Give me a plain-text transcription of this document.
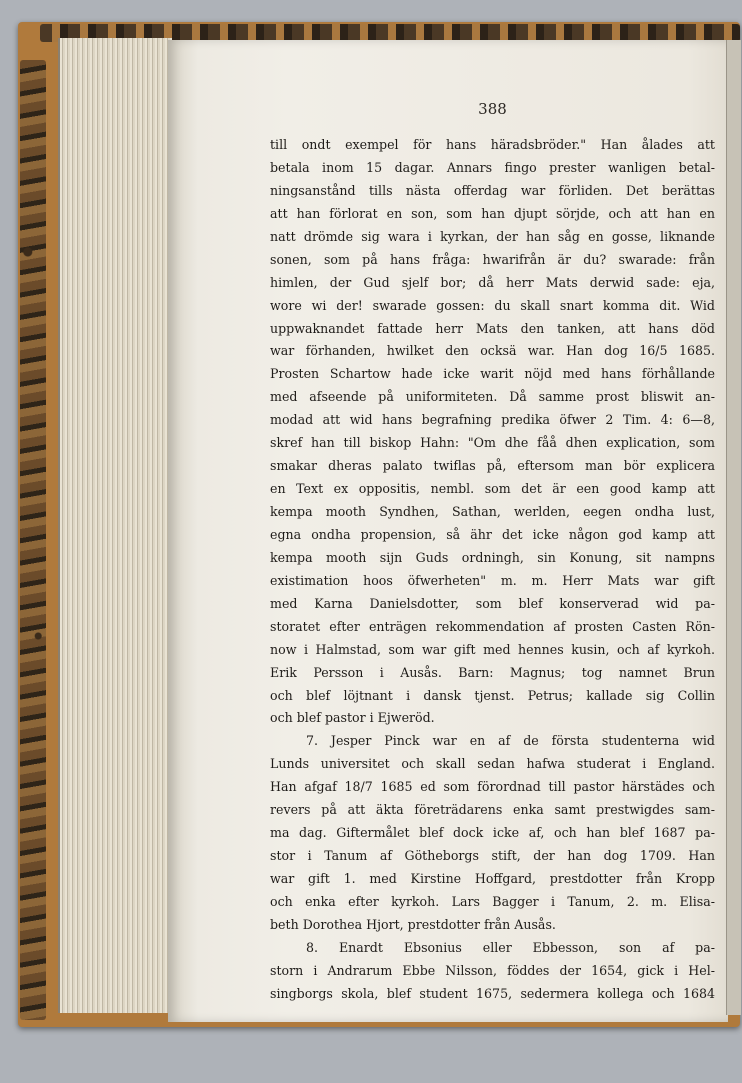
388
till ondt exempel för hans häradsbröder." Han ålades att
betala inom 15 dagar. Annars fingo prester wanligen betal-
ningsanstånd tills nästa offerdag war förliden. Det berättas
att han förlorat en son, som han djupt sörjde, och att han en
natt drömde sig wara i kyrkan, der han såg en gosse, liknande
sonen, som på hans fråga: hwarifrån är du? swarade: från
himlen, der Gud sjelf bor; då herr Mats derwid sade: eja,
wore wi der! swarade gossen: du skall snart komma dit. Wid
uppwaknandet fattade herr Mats den tanken, att hans död
war förhanden, hwilket den ocksä war. Han dog 16/5 1685.
Prosten Schartow hade icke warit nöjd med hans förhållande
med afseende på uniformiteten. Då samme prost bliswit an-
modad att wid hans begrafning predika öfwer 2 Tim. 4: 6—8,
skref han till biskop Hahn: "Om dhe fåå dhen explication, som
smakar dheras palato twiflas på, eftersom man bör explicera
en Text ex oppositis, nembl. som det är een good kamp att
kempa mooth Syndhen, Sathan, werlden, eegen ondha lust,
egna ondha propension, så ähr det icke någon god kamp att
kempa mooth sijn Guds ordningh, sin Konung, sit nampns
existimation hoos öfwerheten" m. m. Herr Mats war gift
med Karna Danielsdotter, som blef konserverad wid pa-
storatet efter enträgen rekommendation af prosten Casten Rön-
now i Halmstad, som war gift med hennes kusin, och af kyrkoh.
Erik Persson i Ausås. Barn: Magnus; tog namnet Brun
och blef löjtnant i dansk tjenst. Petrus; kallade sig Collin
och blef pastor i Ejweröd.
7. Jesper Pinck war en af de första studenterna wid
Lunds universitet och skall sedan hafwa studerat i England.
Han afgaf 18/7 1685 ed som förordnad till pastor härstädes och
revers på att äkta företrädarens enka samt prestwigdes sam-
ma dag. Giftermålet blef dock icke af, och han blef 1687 pa-
stor i Tanum af Götheborgs stift, der han dog 1709. Han
war gift 1. med Kirstine Hoffgard, prestdotter från Kropp
och enka efter kyrkoh. Lars Bagger i Tanum, 2. m. Elisa-
beth Dorothea Hjort, prestdotter från Ausås.
8. Enardt Ebsonius eller Ebbesson, son af pa-
storn i Andrarum Ebbe Nilsson, föddes der 1654, gick i Hel-
singborgs skola, blef student 1675, sedermera kollega och 1684
